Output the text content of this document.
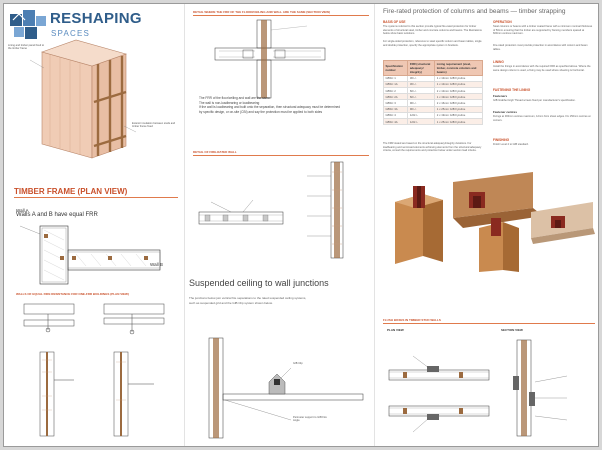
RESHAPING
SPACES
Lining and timber panel fixed to the timber frame
Exterior insulation between studs and timber frame fixed
TIMBER FRAME (PLAN VIEW)
Walls A and B have equal FRR
Wall A
Wall B
WALLS OF EQUAL FIRE RESISTANCE FOR ONE-FRR BUILDINGS (PLAN VIEW)
DETAIL WHERE THE FRR OF THE FLOOR/CEILING AND WALL ARE THE SAME (SECTION VIEW)
The FRR of the floor/ceiling and wall are the same
The wall is non-loadbearing or loadbearing
If the wall is loadbearing and built onto the separation, then structural adequacy must be determined
by specific design, or on-site (CBI) and say the protection must be applied to both sides
DETAIL OF FIRE-RATED WALL
Suspended ceiling to wall junctions
The junctions below join vertical fire separations to the rated suspended ceiling systems, such as suspended grid and the GIB Clip system shown below.
GIB Clip
Perimeter support to GIB Fire Angle
Fire-rated protection of columns and beams — timber strapping
BASIS OF USE
The systems referred to this section provide typical fire-rated protection for timber elements of structural steel, timber and concrete columns and beams. The illustrations below show basic solutions.
For single-sided protection, reference to steel specific column and beam tables, single and double protection, specify the appropriate system in brackets.
Specification number	FRR (structural adequacy/ integrity)	Lining requirement (steel, timber, concrete columns and beams)
GBSC 1	30/-/-	1 x 13mm GIB Fyreline
GBSC 1A	30/-/-	1 x 13mm GIB Fyreline
GBSC 2	60/-/-	2 x 13mm GIB Fyreline
GBSC 2A	60/-/-	1 x 19mm GIB Fyreline
GBSC 3	90/-/-	2 x 16mm GIB Fyreline
GBSC 3A	90/-/-	1 x 25mm GIB Fyreline
GBSC 4	120/-/-	2 x 19mm GIB Fyreline
GBSC 4A	120/-/-	1 x 25mm GIB Fyreline
The FRR stated are based on the structural adequacy/integrity durations. For loadbearing and semi-load elements achieving elements from the structural adequacy criteria, consult the requirements and protection below under section load criteria.
OPERATION
Steel columns or beams with a timber coated frame with a minimum nominal thickness of 50mm ensuring that the timber are supported by framing members spaced at 600mm centres maximum.
Fire-rated protection must provide protection in accordance with column and beam tables.
LINING
Install the linings in accordance with the required FRR as specified above. Where the same design column is used, a fixing may be used where sheeting is horizontal.
FASTENING THE LINING
Fasteners
GIB Grabber High Thread screws fixed per manufacturer's specification.
Fastener centres
Fixings at 300mm centres maximum, 12mm from sheet edges. Fix 150mm centres at corners.
FINISHING
Finish Level 4 to GIB standard.
FLUSH BOXES IN TIMBER STUD WALLS
PLAN VIEW	SECTION VIEW
